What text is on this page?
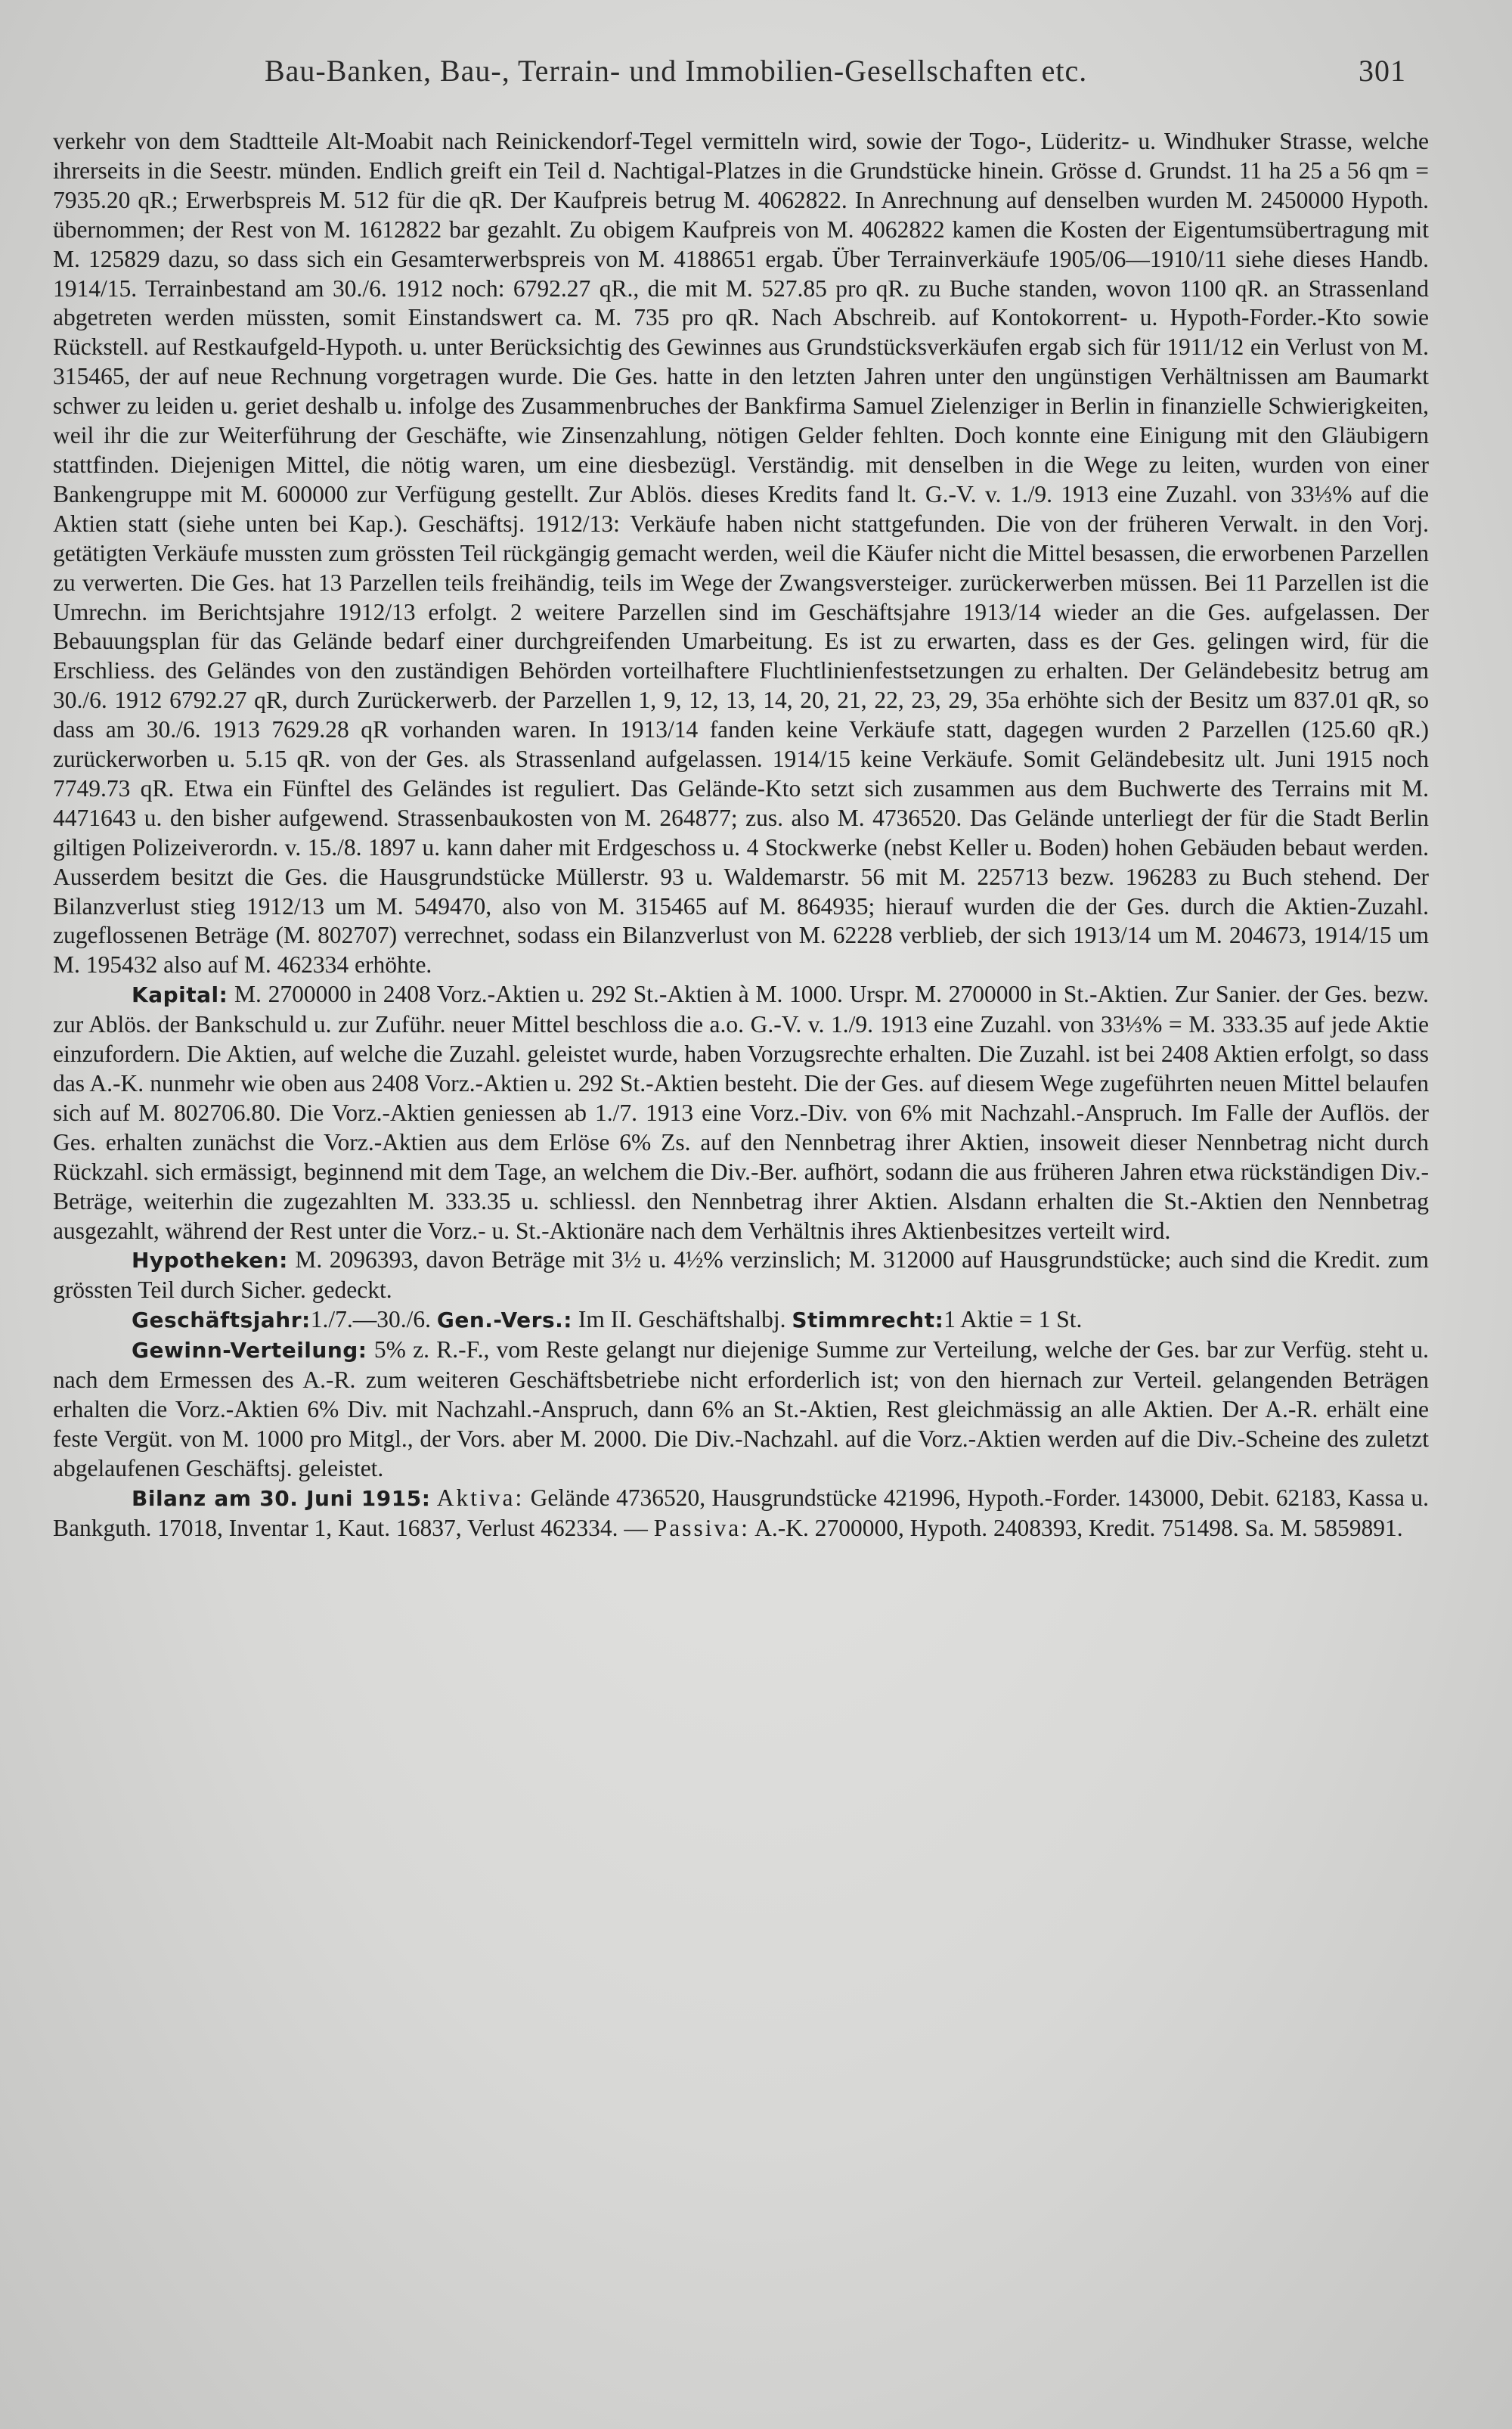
Bau-Banken, Bau-, Terrain- und Immobilien-Gesellschaften etc.	301

verkehr von dem Stadtteile Alt-Moabit nach Reinickendorf-Tegel vermitteln wird, sowie der Togo-, Lüderitz- u. Windhuker Strasse, welche ihrerseits in die Seestr. münden. Endlich greift ein Teil d. Nachtigal-Platzes in die Grundstücke hinein. Grösse d. Grundst. 11 ha 25 a 56 qm = 7935.20 qR.; Erwerbspreis M. 512 für die qR. Der Kaufpreis betrug M. 4062822. In Anrechnung auf denselben wurden M. 2450000 Hypoth. übernommen; der Rest von M. 1612822 bar gezahlt. Zu obigem Kaufpreis von M. 4062822 kamen die Kosten der Eigentumsübertragung mit M. 125829 dazu, so dass sich ein Gesamterwerbspreis von M. 4188651 ergab. Über Terrainverkäufe 1905/06—1910/11 siehe dieses Handb. 1914/15. Terrainbestand am 30./6. 1912 noch: 6792.27 qR., die mit M. 527.85 pro qR. zu Buche standen, wovon 1100 qR. an Strassenland abgetreten werden müssten, somit Einstandswert ca. M. 735 pro qR. Nach Abschreib. auf Kontokorrent- u. Hypoth-Forder.-Kto sowie Rückstell. auf Restkaufgeld-Hypoth. u. unter Berücksichtig des Gewinnes aus Grundstücksverkäufen ergab sich für 1911/12 ein Verlust von M. 315465, der auf neue Rechnung vorgetragen wurde. Die Ges. hatte in den letzten Jahren unter den ungünstigen Verhältnissen am Baumarkt schwer zu leiden u. geriet deshalb u. infolge des Zusammenbruches der Bankfirma Samuel Zielenziger in Berlin in finanzielle Schwierigkeiten, weil ihr die zur Weiterführung der Geschäfte, wie Zinsenzahlung, nötigen Gelder fehlten. Doch konnte eine Einigung mit den Gläubigern stattfinden. Diejenigen Mittel, die nötig waren, um eine diesbezügl. Verständig. mit denselben in die Wege zu leiten, wurden von einer Bankengruppe mit M. 600000 zur Verfügung gestellt. Zur Ablös. dieses Kredits fand lt. G.-V. v. 1./9. 1913 eine Zuzahl. von 33⅓% auf die Aktien statt (siehe unten bei Kap.). Geschäftsj. 1912/13: Verkäufe haben nicht stattgefunden. Die von der früheren Verwalt. in den Vorj. getätigten Verkäufe mussten zum grössten Teil rückgängig gemacht werden, weil die Käufer nicht die Mittel besassen, die erworbenen Parzellen zu verwerten. Die Ges. hat 13 Parzellen teils freihändig, teils im Wege der Zwangsversteiger. zurückerwerben müssen. Bei 11 Parzellen ist die Umrechn. im Berichtsjahre 1912/13 erfolgt. 2 weitere Parzellen sind im Geschäftsjahre 1913/14 wieder an die Ges. aufgelassen. Der Bebauungsplan für das Gelände bedarf einer durchgreifenden Umarbeitung. Es ist zu erwarten, dass es der Ges. gelingen wird, für die Erschliess. des Geländes von den zuständigen Behörden vorteilhaftere Fluchtlinienfestsetzungen zu erhalten. Der Geländebesitz betrug am 30./6. 1912 6792.27 qR, durch Zurückerwerb. der Parzellen 1, 9, 12, 13, 14, 20, 21, 22, 23, 29, 35a erhöhte sich der Besitz um 837.01 qR, so dass am 30./6. 1913 7629.28 qR vorhanden waren. In 1913/14 fanden keine Verkäufe statt, dagegen wurden 2 Parzellen (125.60 qR.) zurückerworben u. 5.15 qR. von der Ges. als Strassenland aufgelassen. 1914/15 keine Verkäufe. Somit Geländebesitz ult. Juni 1915 noch 7749.73 qR. Etwa ein Fünftel des Geländes ist reguliert. Das Gelände-Kto setzt sich zusammen aus dem Buchwerte des Terrains mit M. 4471643 u. den bisher aufgewend. Strassenbaukosten von M. 264877; zus. also M. 4736520. Das Gelände unterliegt der für die Stadt Berlin giltigen Polizeiverordn. v. 15./8. 1897 u. kann daher mit Erdgeschoss u. 4 Stockwerke (nebst Keller u. Boden) hohen Gebäuden bebaut werden. Ausserdem besitzt die Ges. die Hausgrundstücke Müllerstr. 93 u. Waldemarstr. 56 mit M. 225713 bezw. 196283 zu Buch stehend. Der Bilanzverlust stieg 1912/13 um M. 549470, also von M. 315465 auf M. 864935; hierauf wurden die der Ges. durch die Aktien-Zuzahl. zugeflossenen Beträge (M. 802707) verrechnet, sodass ein Bilanzverlust von M. 62228 verblieb, der sich 1913/14 um M. 204673, 1914/15 um M. 195432 also auf M. 462334 erhöhte.

Kapital: M. 2700000 in 2408 Vorz.-Aktien u. 292 St.-Aktien à M. 1000. Urspr. M. 2700000 in St.-Aktien. Zur Sanier. der Ges. bezw. zur Ablös. der Bankschuld u. zur Zuführ. neuer Mittel beschloss die a.o. G.-V. v. 1./9. 1913 eine Zuzahl. von 33⅓% = M. 333.35 auf jede Aktie einzufordern. Die Aktien, auf welche die Zuzahl. geleistet wurde, haben Vorzugsrechte erhalten. Die Zuzahl. ist bei 2408 Aktien erfolgt, so dass das A.-K. nunmehr wie oben aus 2408 Vorz.-Aktien u. 292 St.-Aktien besteht. Die der Ges. auf diesem Wege zugeführten neuen Mittel belaufen sich auf M. 802706.80. Die Vorz.-Aktien geniessen ab 1./7. 1913 eine Vorz.-Div. von 6% mit Nachzahl.-Anspruch. Im Falle der Auflös. der Ges. erhalten zunächst die Vorz.-Aktien aus dem Erlöse 6% Zs. auf den Nennbetrag ihrer Aktien, insoweit dieser Nennbetrag nicht durch Rückzahl. sich ermässigt, beginnend mit dem Tage, an welchem die Div.-Ber. aufhört, sodann die aus früheren Jahren etwa rückständigen Div.-Beträge, weiterhin die zugezahlten M. 333.35 u. schliessl. den Nennbetrag ihrer Aktien. Alsdann erhalten die St.-Aktien den Nennbetrag ausgezahlt, während der Rest unter die Vorz.- u. St.-Aktionäre nach dem Verhältnis ihres Aktienbesitzes verteilt wird.

Hypotheken: M. 2096393, davon Beträge mit 3½ u. 4½% verzinslich; M. 312000 auf Hausgrundstücke; auch sind die Kredit. zum grössten Teil durch Sicher. gedeckt.

Geschäftsjahr:1./7.—30./6. Gen.-Vers.: Im II. Geschäftshalbj. Stimmrecht:1 Aktie = 1 St.

Gewinn-Verteilung: 5% z. R.-F., vom Reste gelangt nur diejenige Summe zur Verteilung, welche der Ges. bar zur Verfüg. steht u. nach dem Ermessen des A.-R. zum weiteren Geschäftsbetriebe nicht erforderlich ist; von den hiernach zur Verteil. gelangenden Beträgen erhalten die Vorz.-Aktien 6% Div. mit Nachzahl.-Anspruch, dann 6% an St.-Aktien, Rest gleichmässig an alle Aktien. Der A.-R. erhält eine feste Vergüt. von M. 1000 pro Mitgl., der Vors. aber M. 2000. Die Div.-Nachzahl. auf die Vorz.-Aktien werden auf die Div.-Scheine des zuletzt abgelaufenen Geschäftsj. geleistet.

Bilanz am 30. Juni 1915: Aktiva: Gelände 4736520, Hausgrundstücke 421996, Hypoth.-Forder. 143000, Debit. 62183, Kassa u. Bankguth. 17018, Inventar 1, Kaut. 16837, Verlust 462334. — Passiva: A.-K. 2700000, Hypoth. 2408393, Kredit. 751498. Sa. M. 5859891.
